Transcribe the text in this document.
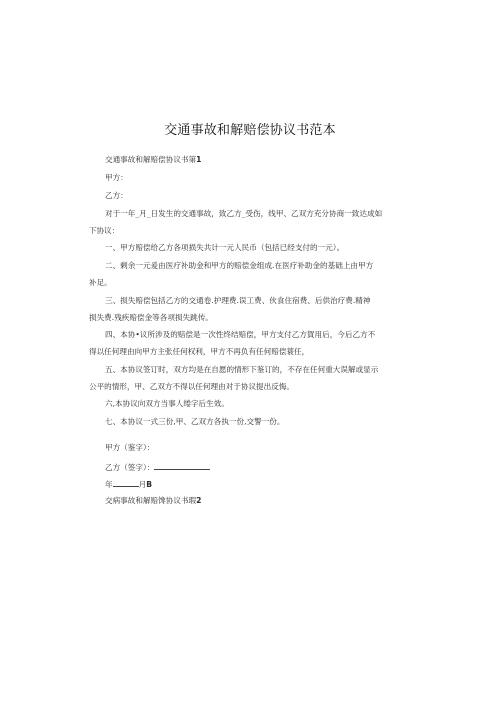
交通事故和解赔偿协议书范本
交通事故和解赔偿协议书第1
甲方：
乙方：
对于一年_月_日发生的交通事故，致乙方_受伤，线甲、乙双方充分协商一致达成如
下协议：
一、甲方赔偿给乙方各项损失共计一元人民币（包括已经支付的一元）。
二、剩余一元爰由医疗补助金和甲方的赔偿金组成.在医疗补助金的基础上由甲方
补足。
三、损失赔偿包括乙方的交通卷.护理费.误工费、伙食住宿费、后供治疗费.精神
损失费.残疾赔偿金等各项损失跳传。
四、本协•议所涉及的赔偿是一次性终结赔偿，甲方支付乙方賀用后，今后乙方不
得以任何理由向甲方主张任何权利，甲方不再负有任何赔偿蓑任，
五、本协议签订时，双方均是在自愿的情形下鉴订的，不存在任何重大误解或显示
公平的情形，甲、乙双方不得以任何理由对于协议提出反悔。
六,本协议向双方当事人绻字后生效。
七、本协议一式三份,甲、乙双方各执一份,交警一份。
甲方（鉴字）：
乙方（签字）：
年	月B
交病事故和解赔馋协议书瑕2
